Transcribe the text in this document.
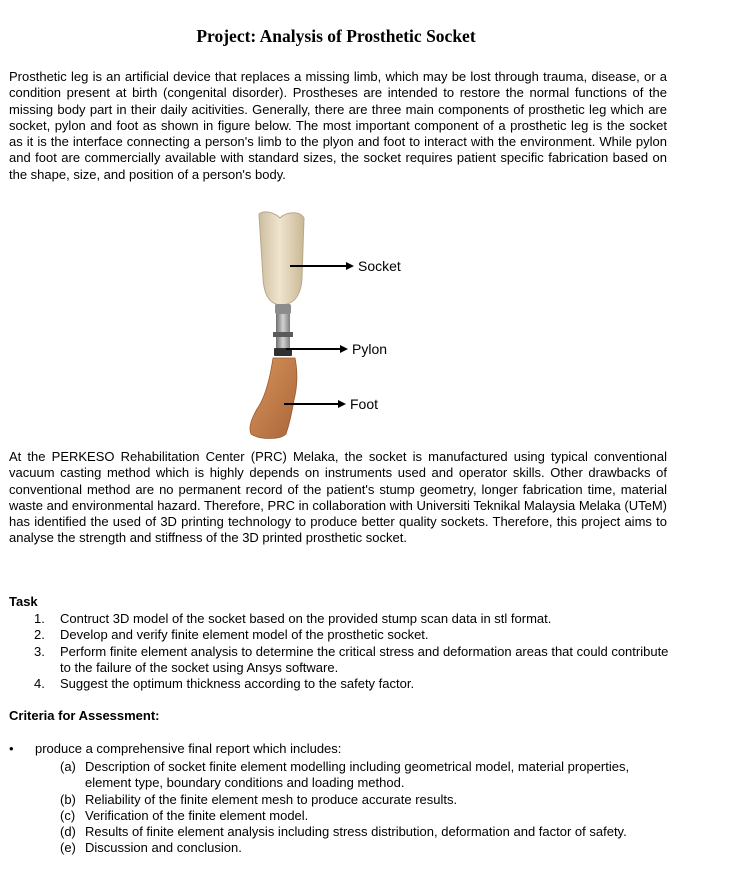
Project: Analysis of Prosthetic Socket

Prosthetic leg is an artificial device that replaces a missing limb, which may be lost through trauma, disease, or a condition present at birth (congenital disorder). Prostheses are intended to restore the normal functions of the missing body part in their daily acitivities. Generally, there are three main components of prosthetic leg which are socket, pylon and foot as shown in figure below. The most important component of a prosthetic leg is the socket as it is the interface connecting a person's limb to the plyon and foot to interact with the environment. While pylon and foot are commercially available with standard sizes, the socket requires patient specific fabrication based on the shape, size, and position of a person's body.

Socket
Pylon
Foot

At the PERKESO Rehabilitation Center (PRC) Melaka, the socket is manufactured using typical conventional vacuum casting method which is highly depends on instruments used and operator skills. Other drawbacks of conventional method are no permanent record of the patient's stump geometry, longer fabrication time, material waste and environmental hazard. Therefore, PRC in collaboration with Universiti Teknikal Malaysia Melaka (UTeM) has identified the used of 3D printing technology to produce better quality sockets. Therefore, this project aims to analyse the strength and stiffness of the 3D printed prosthetic socket.

Task
1. Contruct 3D model of the socket based on the provided stump scan data in stl format.
2. Develop and verify finite element model of the prosthetic socket.
3. Perform finite element analysis to determine the critical stress and deformation areas that could contribute to the failure of the socket using Ansys software.
4. Suggest the optimum thickness according to the safety factor.
Criteria for Assessment:
• produce a comprehensive final report which includes:
(a) Description of socket finite element modelling including geometrical model, material properties, element type, boundary conditions and loading method.
(b) Reliability of the finite element mesh to produce accurate results.
(c) Verification of the finite element model.
(d) Results of finite element analysis including stress distribution, deformation and factor of safety.
(e) Discussion and conclusion.
